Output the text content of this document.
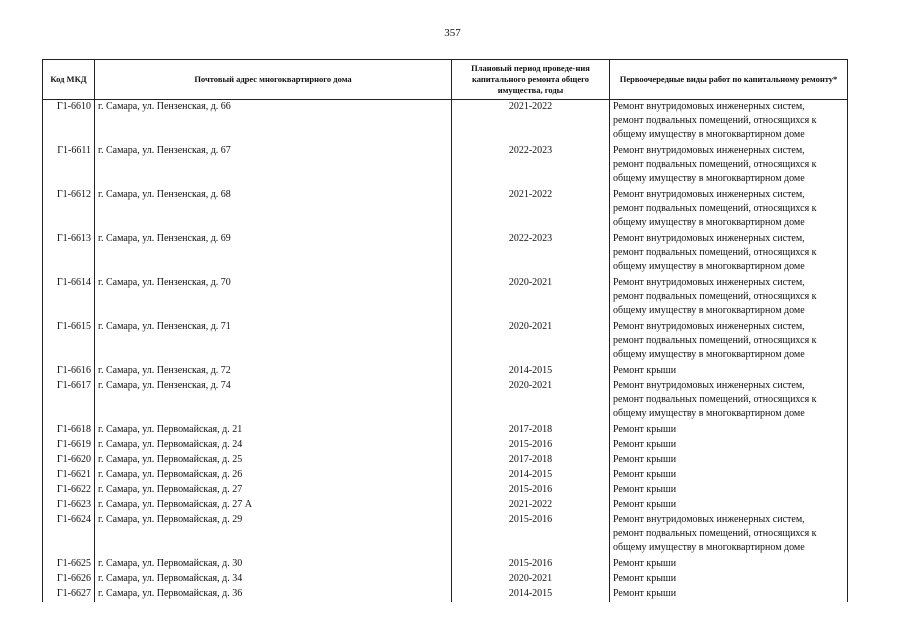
357
Код МКД	Почтовый адрес многоквартирного дома	Плановый период проведе-ния капитального ремонта общего имущества, годы	Первоочередные виды работ по капитальному ремонту*
Г1-6610	г. Самара, ул. Пензенская, д. 66	2021-2022	Ремонт внутридомовых инженерных систем,
ремонт подвальных помещений, относящихся к
общему имуществу в многоквартирном доме

Г1-6611	г. Самара, ул. Пензенская, д. 67	2022-2023	Ремонт внутридомовых инженерных систем,
ремонт подвальных помещений, относящихся к
общему имуществу в многоквартирном доме

Г1-6612	г. Самара, ул. Пензенская, д. 68	2021-2022	Ремонт внутридомовых инженерных систем,
ремонт подвальных помещений, относящихся к
общему имуществу в многоквартирном доме

Г1-6613	г. Самара, ул. Пензенская, д. 69	2022-2023	Ремонт внутридомовых инженерных систем,
ремонт подвальных помещений, относящихся к
общему имуществу в многоквартирном доме

Г1-6614	г. Самара, ул. Пензенская, д. 70	2020-2021	Ремонт внутридомовых инженерных систем,
ремонт подвальных помещений, относящихся к
общему имуществу в многоквартирном доме

Г1-6615	г. Самара, ул. Пензенская, д. 71	2020-2021	Ремонт внутридомовых инженерных систем,
ремонт подвальных помещений, относящихся к
общему имуществу в многоквартирном доме

Г1-6616	г. Самара, ул. Пензенская, д. 72	2014-2015	Ремонт крыши

Г1-6617	г. Самара, ул. Пензенская, д. 74	2020-2021	Ремонт внутридомовых инженерных систем,
ремонт подвальных помещений, относящихся к
общему имуществу в многоквартирном доме

Г1-6618	г. Самара, ул. Первомайская, д. 21	2017-2018	Ремонт крыши

Г1-6619	г. Самара, ул. Первомайская, д. 24	2015-2016	Ремонт крыши

Г1-6620	г. Самара, ул. Первомайская, д. 25	2017-2018	Ремонт крыши

Г1-6621	г. Самара, ул. Первомайская, д. 26	2014-2015	Ремонт крыши

Г1-6622	г. Самара, ул. Первомайская, д. 27	2015-2016	Ремонт крыши

Г1-6623	г. Самара, ул. Первомайская, д. 27 А	2021-2022	Ремонт крыши

Г1-6624	г. Самара, ул. Первомайская, д. 29	2015-2016	Ремонт внутридомовых инженерных систем,
ремонт подвальных помещений, относящихся к
общему имуществу в многоквартирном доме

Г1-6625	г. Самара, ул. Первомайская, д. 30	2015-2016	Ремонт крыши

Г1-6626	г. Самара, ул. Первомайская, д. 34	2020-2021	Ремонт крыши

Г1-6627	г. Самара, ул. Первомайская, д. 36	2014-2015	Ремонт крыши
